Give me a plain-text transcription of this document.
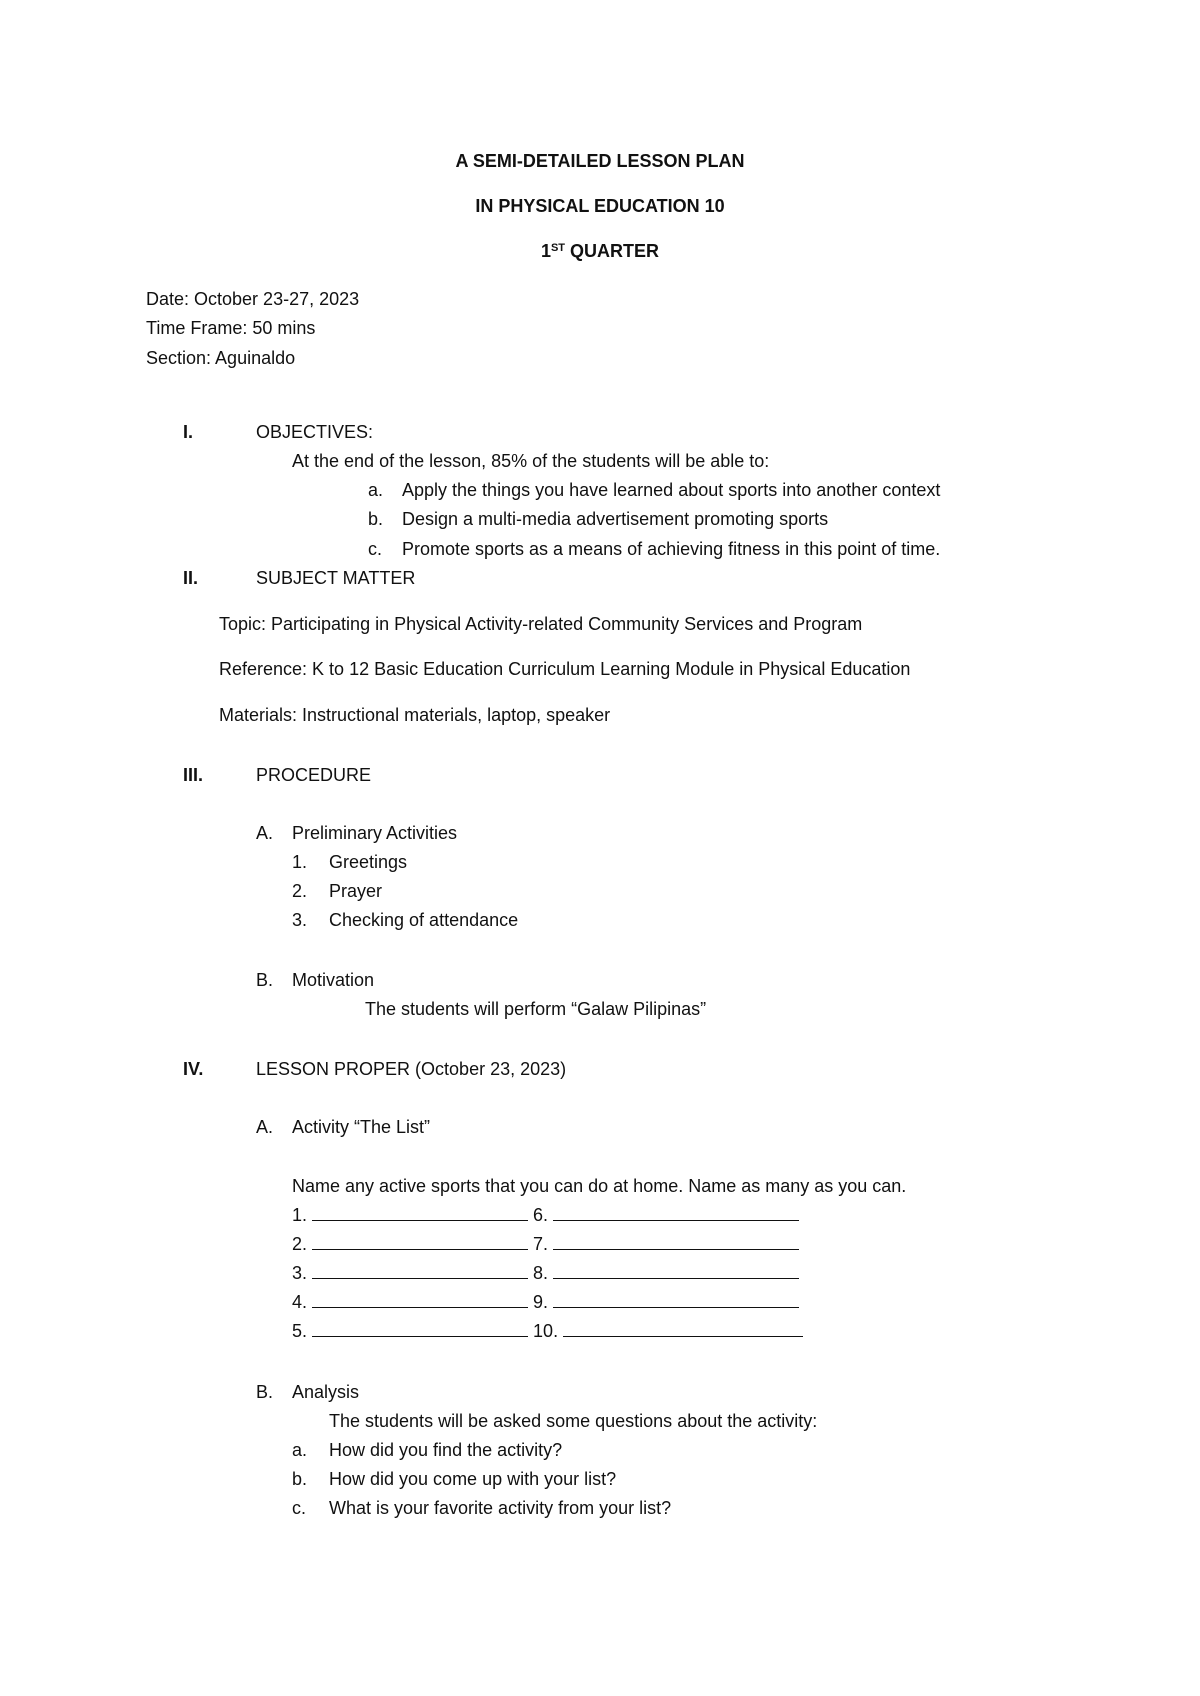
A SEMI-DETAILED LESSON PLAN
IN PHYSICAL EDUCATION 10
1ST QUARTER
Date: October 23-27, 2023
Time Frame: 50 mins
Section: Aguinaldo
I.	OBJECTIVES:
At the end of the lesson, 85% of the students will be able to:
a. Apply the things you have learned about sports into another context
b. Design a multi-media advertisement promoting sports
c. Promote sports as a means of achieving fitness in this point of time.
II.	SUBJECT MATTER
Topic: Participating in Physical Activity-related Community Services and Program
Reference: K to 12 Basic Education Curriculum Learning Module in Physical Education
Materials: Instructional materials, laptop, speaker
III.	PROCEDURE
A. Preliminary Activities
1. Greetings
2. Prayer
3. Checking of attendance
B. Motivation
The students will perform “Galaw Pilipinas”
IV.	LESSON PROPER (October 23, 2023)
A. Activity “The List”
Name any active sports that you can do at home. Name as many as you can.
1.	6.
2.	7.
3.	8.
4.	9.
5.	10.
B. Analysis
The students will be asked some questions about the activity:
a. How did you find the activity?
b. How did you come up with your list?
c. What is your favorite activity from your list?
